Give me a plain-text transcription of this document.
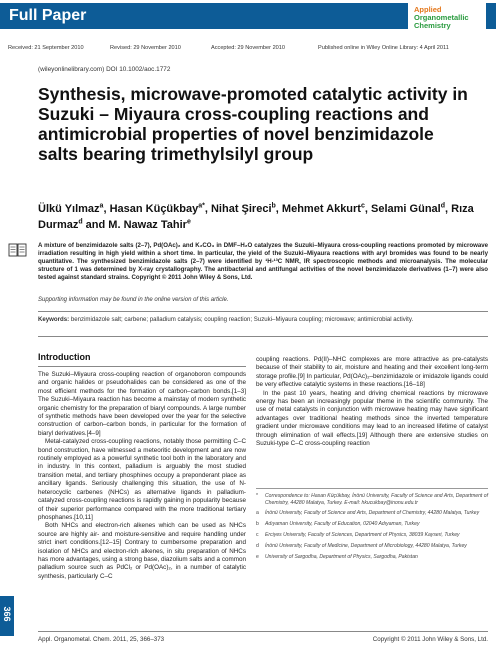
Full Paper	Applied
Organometallic
Chemistry
Received: 21 September 2010	Revised: 29 November 2010	Accepted: 29 November 2010	Published online in Wiley Online Library: 4 April 2011
(wileyonlinelibrary.com) DOI 10.1002/aoc.1772
Synthesis, microwave-promoted catalytic activity in Suzuki – Miyaura cross-coupling reactions and antimicrobial properties of novel benzimidazole salts bearing trimethylsilyl group
Ülkü Yılmaz$^a$, Hasan Küçükbay$^{a*}$, Nihat Şireci$^b$, Mehmet Akkurt$^c$, Selami Günal$^d$, Rıza Durmaz$^d$ and M. Nawaz Tahir$^e$

A mixture of benzimidazole salts (2–7), Pd(OAc)₂ and K₂CO₃ in DMF–H₂O catalyzes the Suzuki–Miyaura cross-coupling reactions promoted by microwave irradiation resulting in high yield within a short time. In particular, the yield of the Suzuki–Miyaura reactions with aryl bromides was found to be nearly quantitative. The synthesized benzimidazole salts (2–7) were identified by ¹H-¹³C NMR, IR spectroscopic methods and microanalysis. The molecular structure of 1 was determined by X-ray crystallography. The antibacterial and antifungal activities of the novel benzimidazole derivatives (1–7) were also tested against standard strains. Copyright © 2011 John Wiley & Sons, Ltd.

Supporting information may be found in the online version of this article.

Keywords: benzimidazole salt; carbene; palladium catalysis; coupling reaction; Suzuki–Miyaura coupling; microwave; antimicrobial activity.

Introduction

The Suzuki–Miyaura cross-coupling reaction of organoboron compounds and organic halides or pseudohalides can be considered as one of the most efficient methods for the formation of carbon–carbon bonds.[1–3] The Suzuki–Miyaura reaction has become a mainstay of modern synthetic organic chemistry for the preparation of biaryl compounds. A large number of synthetic methods have been developed over the year for the selective construction of carbon–carbon bonds, in particular for the formation of biaryl derivatives.[4–9]

Metal-catalyzed cross-coupling reactions, notably those permitting C–C bond construction, have witnessed a meteoritic development and are now routinely employed as a powerful synthetic tool both in the laboratory and in industry. In this context, palladium is arguably the most studied transition metal, and tertiary phosphines occupy a preponderant place as ancillary ligands. Seriously challenging this situation, the use of N-heterocyclic carbenes (NHCs) as alternative ligands in palladium-catalyzed cross-coupling reactions is rapidly gaining in popularity because of their superior performance compared with the more traditional tertiary phosphanes.[10,11]

Both NHCs and electron-rich alkenes which can be used as NHCs source are highly air- and moisture-sensitive and require handling under strict inert conditions.[12–15] Contrary to cumbersome preparation and isolation of NHCs and electron-rich alkenes, in situ preparation of NHCs has more advantages, using a strong base, diazolium salts and a common palladium source such as PdCl₂ or Pd(OAc)₂, in a number of catalytic synthesis, particularly C–C

coupling reactions. Pd(II)–NHC complexes are more attractive as pre-catalysts because of their stability to air, moisture and heating and their excellent long-term storage profile.[9] In particular, Pd(OAc)₂–benzimidazole or imidazole ligands could be very effective catalytic systems in these reactions.[16–18]

In the past 10 years, heating and driving chemical reactions by microwave energy has been an increasingly popular theme in the scientific community. The use of metal catalysts in conjunction with microwave heating may have significant advantages over traditional heating methods since the inverted temperature gradient under microwave conditions may lead to an increased lifetime of catalyst through elimination of wall effects.[19] Although there are extensive studies on Suzuki-type C–C cross-coupling reaction

* Correspondence to: Hasan Küçükbay, İnönü University, Faculty of Science and Arts, Department of Chemistry, 44280 Malatya, Turkey. E-mail: hkucukbay@inonu.edu.tr
a İnönü University, Faculty of Science and Arts, Department of Chemistry, 44280 Malatya, Turkey
b Adıyaman University, Faculty of Education, 02040 Adıyaman, Turkey
c Erciyes University, Faculty of Sciences, Department of Physics, 38039 Kayseri, Turkey
d İnönü University, Faculty of Medicine, Department of Microbiology, 44280 Malatya, Turkey
e University of Sargodha, Department of Physics, Sargodha, Pakistan
366
Appl. Organometal. Chem. 2011, 25, 366–373	Copyright © 2011 John Wiley & Sons, Ltd.
